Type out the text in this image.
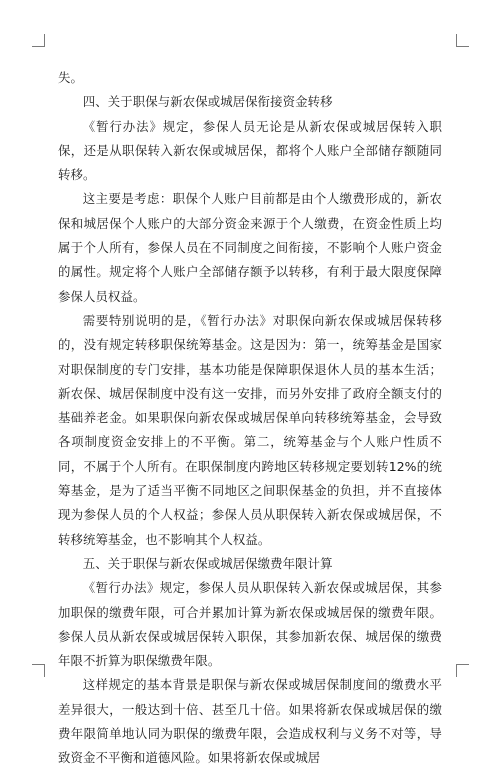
失。

四、关于职保与新农保或城居保衔接资金转移

《暂行办法》规定，参保人员无论是从新农保或城居保转入职保，还是从职保转入新农保或城居保，都将个人账户全部储存额随同转移。

这主要是考虑：职保个人账户目前都是由个人缴费形成的，新农保和城居保个人账户的大部分资金来源于个人缴费，在资金性质上均属于个人所有，参保人员在不同制度之间衔接，不影响个人账户资金的属性。规定将个人账户全部储存额予以转移，有利于最大限度保障参保人员权益。

需要特别说明的是，《暂行办法》对职保向新农保或城居保转移的，没有规定转移职保统筹基金。这是因为：第一，统筹基金是国家对职保制度的专门安排，基本功能是保障职保退休人员的基本生活；新农保、城居保制度中没有这一安排，而另外安排了政府全额支付的基础养老金。如果职保向新农保或城居保单向转移统筹基金，会导致各项制度资金安排上的不平衡。第二，统筹基金与个人账户性质不同，不属于个人所有。在职保制度内跨地区转移规定要划转12%的统筹基金，是为了适当平衡不同地区之间职保基金的负担，并不直接体现为参保人员的个人权益；参保人员从职保转入新农保或城居保，不转移统筹基金，也不影响其个人权益。

五、关于职保与新农保或城居保缴费年限计算

《暂行办法》规定，参保人员从职保转入新农保或城居保，其参加职保的缴费年限，可合并累加计算为新农保或城居保的缴费年限。参保人员从新农保或城居保转入职保，其参加新农保、城居保的缴费年限不折算为职保缴费年限。

这样规定的基本背景是职保与新农保或城居保制度间的缴费水平差异很大，一般达到十倍、甚至几十倍。如果将新农保或城居保的缴费年限简单地认同为职保的缴费年限，会造成权利与义务不对等，导致资金不平衡和道德风险。如果将新农保或城居
